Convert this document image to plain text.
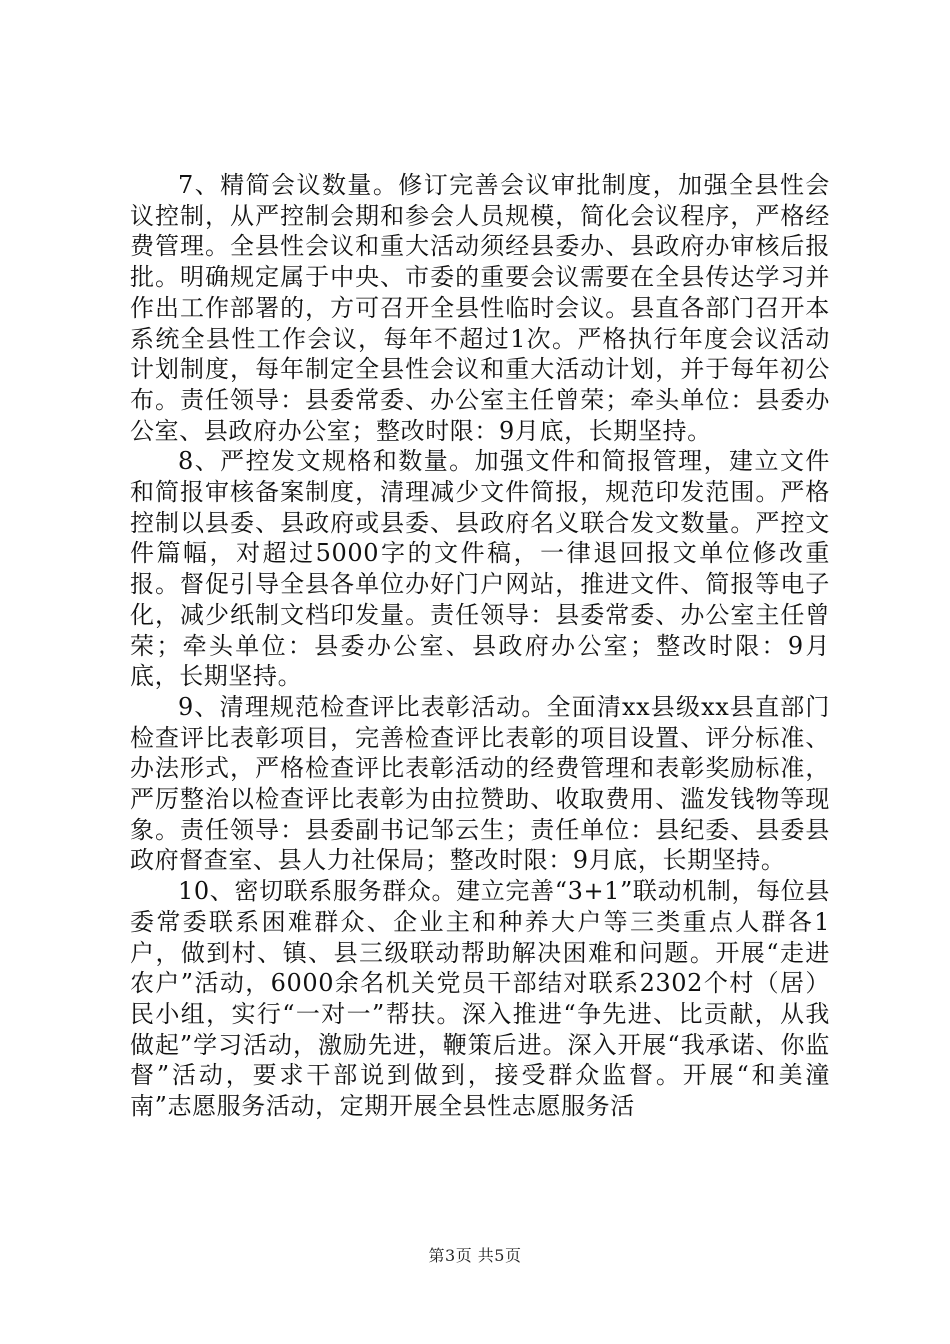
7、精简会议数量。修订完善会议审批制度，加强全县性会议控制，从严控制会期和参会人员规模，简化会议程序，严格经费管理。全县性会议和重大活动须经县委办、县政府办审核后报批。明确规定属于中央、市委的重要会议需要在全县传达学习并作出工作部署的，方可召开全县性临时会议。县直各部门召开本系统全县性工作会议，每年不超过1次。严格执行年度会议活动计划制度，每年制定全县性会议和重大活动计划，并于每年初公布。责任领导：县委常委、办公室主任曾荣；牵头单位：县委办公室、县政府办公室；整改时限：9月底，长期坚持。

8、严控发文规格和数量。加强文件和简报管理，建立文件和简报审核备案制度，清理减少文件简报，规范印发范围。严格控制以县委、县政府或县委、县政府名义联合发文数量。严控文件篇幅，对超过5000字的文件稿，一律退回报文单位修改重报。督促引导全县各单位办好门户网站，推进文件、简报等电子化，减少纸制文档印发量。责任领导：县委常委、办公室主任曾荣；牵头单位：县委办公室、县政府办公室；整改时限：9月底，长期坚持。

9、清理规范检查评比表彰活动。全面清xx县级xx县直部门检查评比表彰项目，完善检查评比表彰的项目设置、评分标准、办法形式，严格检查评比表彰活动的经费管理和表彰奖励标准，严厉整治以检查评比表彰为由拉赞助、收取费用、滥发钱物等现象。责任领导：县委副书记邹云生；责任单位：县纪委、县委县政府督查室、县人力社保局；整改时限：9月底，长期坚持。

10、密切联系服务群众。建立完善“3+1”联动机制，每位县委常委联系困难群众、企业主和种养大户等三类重点人群各1户，做到村、镇、县三级联动帮助解决困难和问题。开展“走进农户”活动，6000余名机关党员干部结对联系2302个村（居）民小组，实行“一对一”帮扶。深入推进“争先进、比贡献，从我做起”学习活动，激励先进，鞭策后进。深入开展“我承诺、你监督”活动，要求干部说到做到，接受群众监督。开展“和美潼南”志愿服务活动，定期开展全县性志愿服务活

第3页 共5页
